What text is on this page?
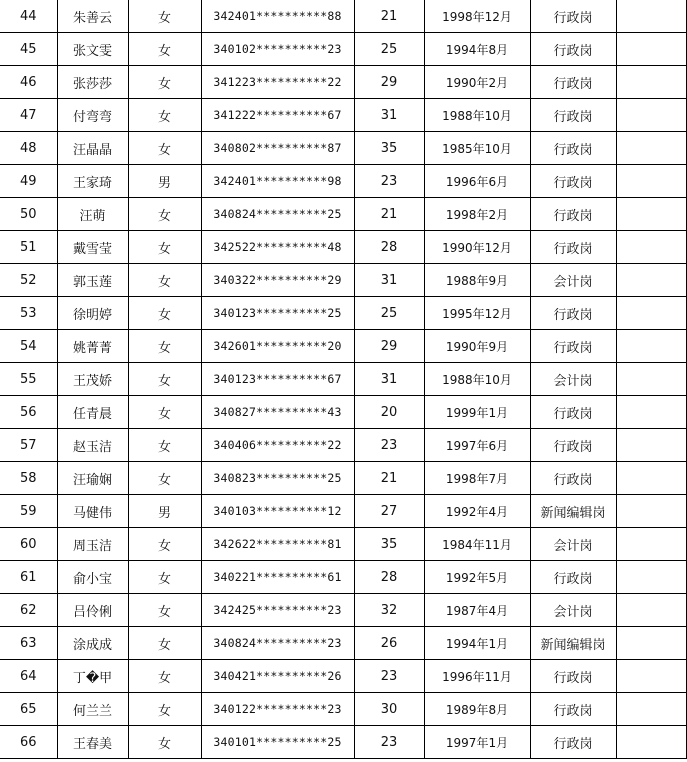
44	朱善云	女	342401**********88	21	1998年12月	行政岗	
45	张文雯	女	340102**********23	25	1994年8月	行政岗	
46	张莎莎	女	341223**********22	29	1990年2月	行政岗	
47	付弯弯	女	341222**********67	31	1988年10月	行政岗	
48	汪晶晶	女	340802**********87	35	1985年10月	行政岗	
49	王家琦	男	342401**********98	23	1996年6月	行政岗	
50	汪萌	女	340824**********25	21	1998年2月	行政岗	
51	戴雪莹	女	342522**********48	28	1990年12月	行政岗	
52	郭玉莲	女	340322**********29	31	1988年9月	会计岗	
53	徐明婷	女	340123**********25	25	1995年12月	行政岗	
54	姚菁菁	女	342601**********20	29	1990年9月	行政岗	
55	王茂娇	女	340123**********67	31	1988年10月	会计岗	
56	任青晨	女	340827**********43	20	1999年1月	行政岗	
57	赵玉洁	女	340406**********22	23	1997年6月	行政岗	
58	汪瑜娴	女	340823**********25	21	1998年7月	行政岗	
59	马健伟	男	340103**********12	27	1992年4月	新闻编辑岗	
60	周玉洁	女	342622**********81	35	1984年11月	会计岗	
61	俞小宝	女	340221**********61	28	1992年5月	行政岗	
62	吕伶俐	女	342425**********23	32	1987年4月	会计岗	
63	涂成成	女	340824**********23	26	1994年1月	新闻编辑岗	
64	丁�甲	女	340421**********26	23	1996年11月	行政岗	
65	何兰兰	女	340122**********23	30	1989年8月	行政岗	
66	王春美	女	340101**********25	23	1997年1月	行政岗	
